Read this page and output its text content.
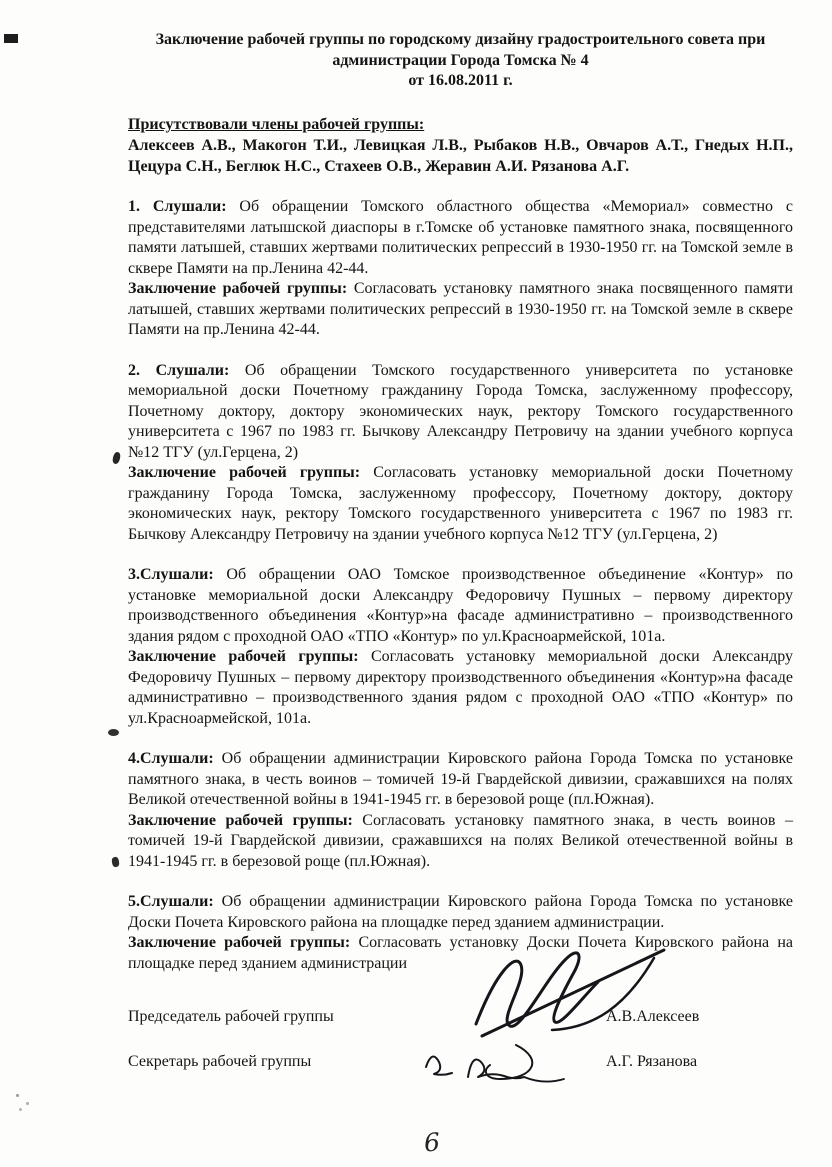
Заключение рабочей группы по городскому дизайну градостроительного совета при
администрации Города Томска № 4
от 16.08.2011 г.

Присутствовали члены рабочей группы:

Алексеев А.В., Макогон Т.И., Левицкая Л.В., Рыбаков Н.В., Овчаров А.Т., Гнедых Н.П., Цецура С.Н., Беглюк Н.С., Стахеев О.В., Жеравин А.И. Рязанова А.Г.

1. Слушали: Об обращении Томского областного общества «Мемориал» совместно с представителями латышской диаспоры в г.Томске об установке памятного знака, посвященного памяти латышей, ставших жертвами политических репрессий в 1930-1950 гг. на Томской земле в сквере Памяти на пр.Ленина 42-44.

Заключение рабочей группы: Согласовать установку памятного знака посвященного памяти латышей, ставших жертвами политических репрессий в 1930-1950 гг. на Томской земле в сквере Памяти на пр.Ленина 42-44.

2. Слушали: Об обращении Томского государственного университета по установке мемориальной доски Почетному гражданину Города Томска, заслуженному профессору, Почетному доктору, доктору экономических наук, ректору Томского государственного университета с 1967 по 1983 гг. Бычкову Александру Петровичу на здании учебного корпуса №12 ТГУ (ул.Герцена, 2)

Заключение рабочей группы: Согласовать установку мемориальной доски Почетному гражданину Города Томска, заслуженному профессору, Почетному доктору, доктору экономических наук, ректору Томского государственного университета с 1967 по 1983 гг. Бычкову Александру Петровичу на здании учебного корпуса №12 ТГУ (ул.Герцена, 2)

3.Слушали: Об обращении ОАО Томское производственное объединение «Контур» по установке мемориальной доски Александру Федоровичу Пушных – первому директору производственного объединения «Контур»на фасаде административно – производственного здания рядом с проходной ОАО «ТПО «Контур» по ул.Красноармейской, 101а.

Заключение рабочей группы: Согласовать установку мемориальной доски Александру Федоровичу Пушных – первому директору производственного объединения «Контур»на фасаде административно – производственного здания рядом с проходной ОАО «ТПО «Контур» по ул.Красноармейской, 101а.

4.Слушали: Об обращении администрации Кировского района Города Томска по установке памятного знака, в честь воинов – томичей 19-й Гвардейской дивизии, сражавшихся на полях Великой отечественной войны в 1941-1945 гг. в березовой роще (пл.Южная).

Заключение рабочей группы: Согласовать установку памятного знака, в честь воинов – томичей 19-й Гвардейской дивизии, сражавшихся на полях Великой отечественной войны в 1941-1945 гг. в березовой роще (пл.Южная).

5.Слушали: Об обращении администрации Кировского района Города Томска по установке Доски Почета Кировского района на площадке перед зданием администрации.

Заключение рабочей группы: Согласовать установку Доски Почета Кировского района на площадке перед зданием администрации

Председатель рабочей группы	А.В.Алексеев
Секретарь рабочей группы	А.Г. Рязанова
6
